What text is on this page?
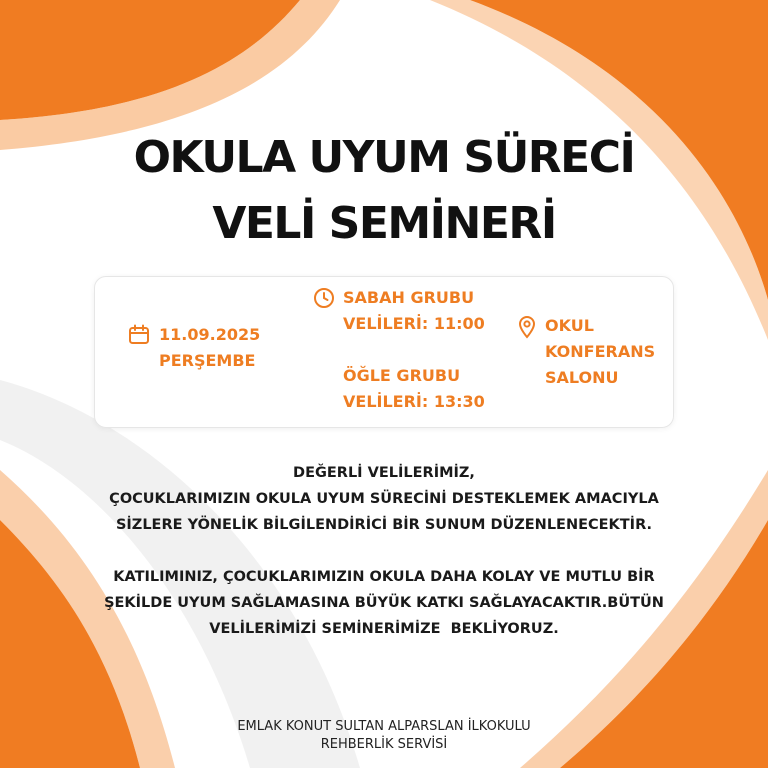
OKULA UYUM SÜRECİ
VELİ SEMİNERİ
11.09.2025
PERŞEMBE
SABAH GRUBU
VELİLERİ: 11:00
ÖĞLE GRUBU
VELİLERİ: 13:30
OKUL
KONFERANS
SALONU
DEĞERLİ VELİLERİMİZ,
ÇOCUKLARIMIZIN OKULA UYUM SÜRECİNİ DESTEKLEMEK AMACIYLA
SİZLERE YÖNELİK BİLGİLENDİRİCİ BİR SUNUM DÜZENLENECEKTİR.
KATILIMINIZ, ÇOCUKLARIMIZIN OKULA DAHA KOLAY VE MUTLU BİR
ŞEKİLDE UYUM SAĞLAMASINA BÜYÜK KATKI SAĞLAYACAKTIR.BÜTÜN
VELİLERİMİZİ SEMİNERİMİZE  BEKLİYORUZ.
EMLAK KONUT SULTAN ALPARSLAN İLKOKULU
REHBERLİK SERVİSİ
